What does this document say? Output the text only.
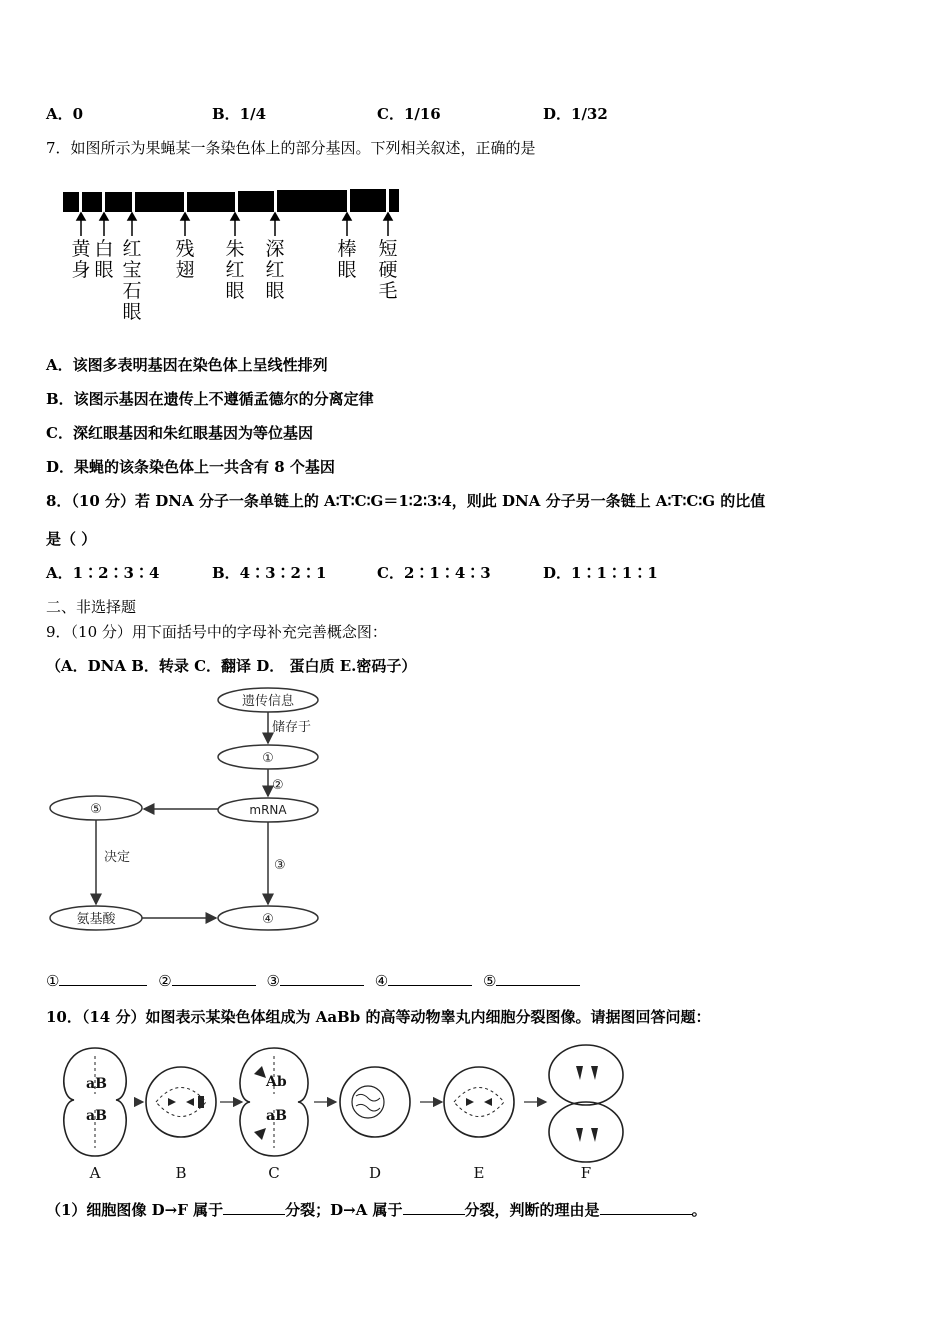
A．0	B．1/4	C．1/16	D．1/32
7．如图所示为果蝇某一条染色体上的部分基因。下列相关叙述，正确的是
黄身
白眼
红宝石眼
残翅
朱红眼
深红眼
棒眼
短硬毛
A．该图多表明基因在染色体上呈线性排列
B．该图示基因在遗传上不遵循孟德尔的分离定律
C．深红眼基因和朱红眼基因为等位基因
D．果蝇的该条染色体上一共含有 8 个基因
8．（10 分）若 DNA 分子一条单链上的 A∶T∶C∶G＝1∶2∶3∶4，则此 DNA 分子另一条链上 A∶T∶C∶G 的比值
是（ ）
A．1∶2∶3∶4	B．4∶3∶2∶1	C．2∶1∶4∶3	D．1∶1∶1∶1
二、非选择题
9．（10 分）用下面括号中的字母补充完善概念图：
（A．DNA B．转录 C．翻译 D． 蛋白质 E.密码子）
遗传信息
储存于
①
②
mRNA
⑤
决定
③
氨基酸	④
①	②	③	④	⑤
10．（14 分）如图表示某染色体组成为 AaBb 的高等动物睾丸内细胞分裂图像。请据图回答问题：
aB
aB
Ab
aB
A	B	C	D	E	F
（1）细胞图像 D→F 属于	分裂；D→A 属于	分裂，判断的理由是	。
